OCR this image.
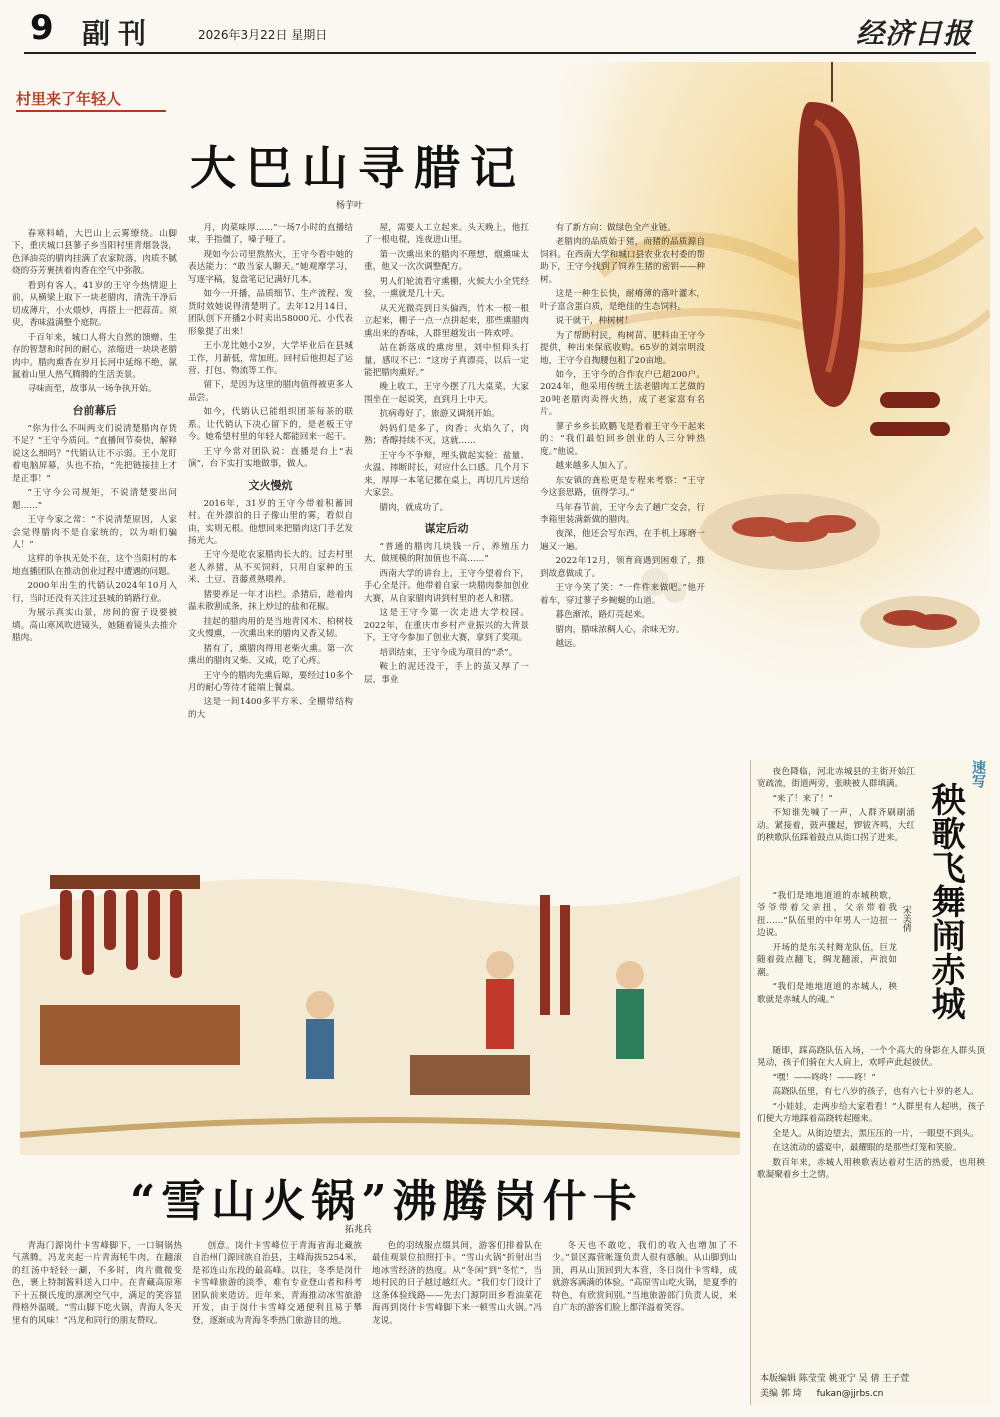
9 副刊	2026年3月22日 星期日	经济日报
村里来了年轻人
大巴山寻腊记
杨芋叶

春寒料峭，大巴山上云雾缭绕。山脚下，重庆城口县蓼子乡当阳村里青烟袅袅，色泽油亮的腊肉挂满了农家院落，肉质不腻烧的芬芳裹挟着肉香在空气中弥散。

看到有客人，41岁的王守今热情迎上前，从横梁上取下一块老腊肉，清洗干净后切成薄片，小火煨炒，再搭上一把蒜苗。须臾，香味溢满整个庭院。

千百年来，城口人将大自然的馈赠、生存的智慧和时间的耐心，浓缩进一块块老腊肉中。腊肉熏香在岁月长河中延绵不绝，氤氲着山里人热气腾腾的生活美景。

寻味而至，故事从一场争执开始。

台前幕后

“你为什么不叫两支们说清楚腊肉存货不足？”王守今质问。“直播间节奏快，解释说这么细吗？”代销认让不示弱。王小龙盯着电脑屏幕，头也不抬，“先把链接挂上才是正事！”

“王守今公司规矩，不说清楚要出问题……”

王守今家之常：“不说清楚原因，人家会觉得腊肉不是自家统的，以为咱们骗人！”

这样的争执无处不在，这个当阳村的本地直播团队在推动创业过程中遭遇的问题。

2000年出生的代销认2024年10月入行，当时还没有关注过县城的销路行业。

为展示真实山景，房间的窗子设要被填。高山寒风吹进镜头，她随着镜头去推介腊肉。

月，肉菜味厚……”一场7小时的直播结束，手指僵了，嗓子哑了。

现如今公司里熬熬火，王守今看中她的表达能力：“敢当家人聊天。”她观摩学习，写逐字稿，复盘笔记记满好几本。

如今一开播，品质细节、生产流程、发货时效她说得清楚明了。去年12月14日，团队创下开播2小时卖出58000元、小代表形象提了出来！

王小龙比她小2岁，大学毕业后在县城工作，月薪低，常加班。回村后他担起了运营、打包、物流等工作。

留下，是因为这里的腊肉值得被更多人品尝。

如今，代销认已能组织团茶每茶的联系。让代销认下决心留下的，是老板王守今。她希望村里的年轻人都能回来一起干。

王守今常对团队说：直播是台上“表演”，台下实打实地做事，做人。

文火慢炕

2016年，31岁的王守今带着积蓄回村。在外漂泊的日子像山里的雾，看似自由，实则无根。他想回来把腊肉这门手艺发扬光大。

王守今是吃农家腊肉长大的。过去村里老人养猪，从不买饲料，只用自家种的玉米、土豆、苕藤煮熟喂养。

猪要养足一年才出栏。杀猪后，趁着肉温未散割成条，抹上炒过的盐和花椒。

挂起的腊肉用的是当地青冈木、柏树枝文火慢熏，一次熏出来的腊肉又香又韧。

猪有了，熏腊肉得用老柴火熏。第一次熏出的腊肉又柴、又咸，吃了心疼。

王守今的腊肉先熏后晾，要经过10多个月的耐心等待才能端上餐桌。

这是一间1400多平方米、全棚带结构的大

屋，需要人工立起来。头天晚上，他扛了一根电棍，连夜进山里。

第一次熏出来的腊肉不理想，烟熏味太重，他又一次次调整配方。

男人们轮流看守熏棚，火候大小全凭经验，一熏就是几十天。

从天光微亮到日头偏西，竹木一根一根立起来，棚子一点一点拼起来，那些熏腊肉熏出来的香味，人群里越发出一阵欢呼。

站在新落成的熏房里，刘中恒仰头打量，感叹不已：“这房子真漂亮，以后一定能把腊肉熏好。”

晚上收工，王守今摆了几大桌菜，大家围坐在一起说笑，直到月上中天。

抗病毒好了，旅游又调剂开始。

妈妈们是多了，肉香；火焰久了，肉熟；香醇持续不灭，这就……

王守今不争辩，埋头做起实验：盐量、火温、摔断时长，对应什么口感。几个月下来，厚厚一本笔记摞在桌上，再切几片送给大家尝。

腊肉，就成功了。

谋定后动

“普通的腊肉几块钱一斤，养殖压力大，做规模的附加值也不高……”

西南大学的讲台上，王守今望着台下，手心全是汗。他带着自家一块腊肉参加创业大赛，从自家腊肉讲到村里的老人和猪。

这是王守今第一次走进大学校园。2022年，在重庆市乡村产业振兴的大背景下，王守今参加了创业大赛，拿到了奖项。

培训结束，王守今成为项目的“杀”。

鞍上的泥还没干，手上的茧又厚了一层，事业

有了新方向：做绿色全产业链。

老腊肉的品质始于猪，而猪的品质源自饲料。在西南大学和城口县农业农村委的帮助下，王守今找到了饲养生猪的密钥——种树。

这是一种生长快，耐瘠薄的落叶灌木，叶子富含蛋白质，是绝佳的生态饲料。

说干就干，种树树！

为了帮助村民，构树苗、肥料由王守今提供，种出来保底收购。65岁的刘宗明没地，王守今自掏腰包租了20亩地。

如今，王守今的合作农户已超200户。2024年，他采用传统土法老腊肉工艺做的20吨老腊肉卖得火热，成了老家富有名片。

蓼子乡乡长欧鹏飞是看着王守今干起来的：“我们最怕回乡创业的人三分钟热度。”他说。

越来越多人加入了。

东安镇的龚松更是专程来考察：“王守今这套思路，值得学习。”

马年春节前，王守今去了趟广交会，行李箱里装满新做的腊肉。

夜深，他还会写东西，在手机上琢磨一遍又一遍。

2022年12月，领育商遇到困难了，推到故意做成了。

王守今笑了笑：“一件件来做吧。”他开着车，穿过蓼子乡蜿蜒的山道。

暮色渐浓，路灯亮起来。

腊肉，腊味浓稠人心，余味无穷。

越远。

速写
秧歌飞舞闹赤城
宋美倩

夜色降临，河北赤城县的主街开始江宽疏流，街道两旁，张映被人群填满。

“来了！来了！”

不知谁先喊了一声，人群齐刷刷涌动。紧接着，鼓声骤起，锣钹齐鸣，大红的秧歌队伍踩着鼓点从街口拐了进来。

“我们是地地道道的赤城秧歌，爷爷带着父亲扭，父亲带着我扭……”队伍里的中年男人一边扭一边说。

开场的是东关村舞龙队伍，巨龙随着鼓点翻飞，绸龙翻滚，声浪如潮。

“我们是地地道道的赤城人，秧歌就是赤城人的魂。”

随即，踩高跷队伍入场，一个个高大的身影在人群头顶晃动，孩子们骑在大人肩上，欢呼声此起彼伏。

“嘿！——咚咚！——咚！”

高跷队伍里，有七八岁的孩子，也有六七十岁的老人。

“小娃娃，走两步给大家看看！”人群里有人起哄，孩子们便大方地踩着高跷转起圈来。

全是人。从街边望去，黑压压的一片，一眼望不到头。

在这流动的盛宴中，最耀眼的是那些灯笼和笑脸。

数百年来，赤城人用秧歌表达着对生活的热爱，也用秧歌凝聚着乡土之情。

“雪山火锅”沸腾岗什卡
拓兆兵

青海门源岗什卡雪峰脚下，一口铜锅热气蒸腾。冯龙夹起一片青海牦牛肉，在翻滚的红汤中轻轻一涮，不多时，肉片微微变色，裹上特制酱料送入口中。在青藏高原寒下十五摄氏度的凛冽空气中，满足的笑容显得格外温暖。“雪山脚下吃火锅，青海人冬天里有的风味！”冯龙和同行的朋友赞叹。

创意。岗什卡雪峰位于青海省海北藏族自治州门源回族自治县，主峰海拔5254米，是祁连山东段的最高峰。以往，冬季是岗什卡雪峰旅游的淡季，难有专业登山者和科考团队前来造访。近年来，青海推动冰雪旅游开发，由于岗什卡雪峰交通便利且易于攀登，逐渐成为青海冬季热门旅游目的地。

色的羽绒服点缀其间，游客们排着队在最佳观景位拍照打卡。“雪山火锅”折射出当地冰雪经济的热度。从“冬闲”到“冬忙”，当地村民的日子越过越红火。“我们专门设计了这条体验线路——先去门源阴田乡看油菜花海再到岗什卡雪峰脚下来一顿雪山火锅。”冯龙说。

冬天也不敢吃，我们的收入也增加了不少。”景区露营帐篷负责人很有感触。从山脚到山顶，再从山顶回到大本营，冬日岗什卡雪峰，成就游客满满的体验。“高原雪山吃火锅，是夏季的特色，有欣赏间别。”当地旅游部门负责人说，来自广东的游客们脸上都洋溢着笑容。

本版编辑 陈莹莹 姚亚宁 吴 倩 王子萱
美编 郭 琦 fukan@jjrbs.cn
